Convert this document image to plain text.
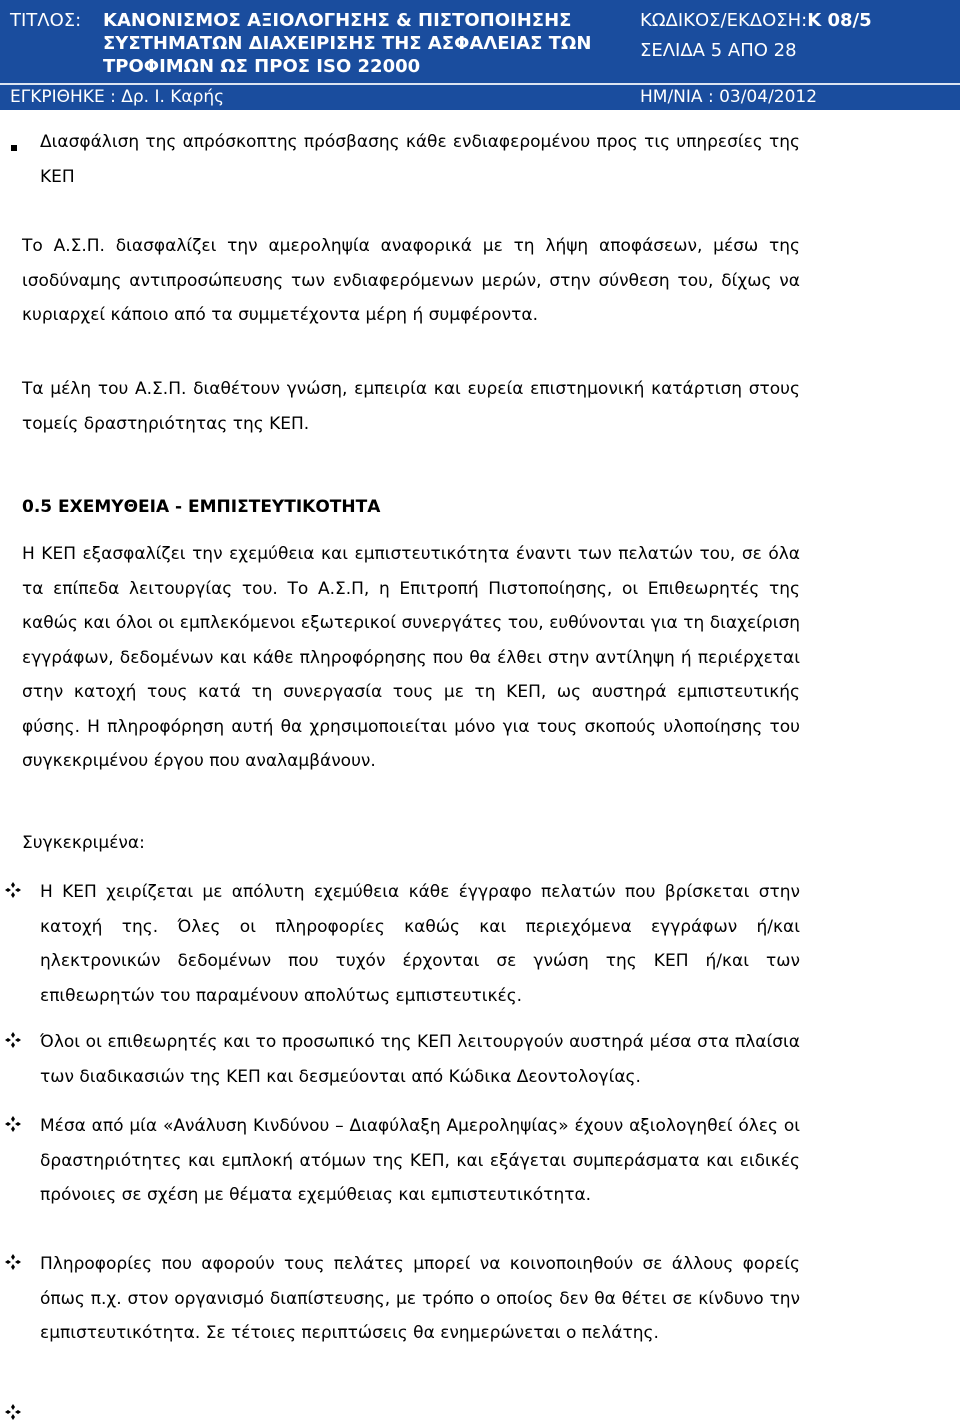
ΤΙΤΛΟΣ: ΚΑΝΟΝΙΣΜΟΣ ΑΞΙΟΛΟΓΗΣΗΣ & ΠΙΣΤΟΠΟΙΗΣΗΣ
ΣΥΣΤΗΜΑΤΩΝ ΔΙΑΧΕΙΡΙΣΗΣ ΤΗΣ ΑΣΦΑΛΕΙΑΣ ΤΩΝ
ΤΡΟΦΙΜΩΝ ΩΣ ΠΡΟΣ ISO 22000
ΚΩΔΙΚΟΣ/ΕΚΔΟΣΗ:Κ 08/5
ΣΕΛΙΔΑ 5 ΑΠΟ 28
ΕΓΚΡΙΘΗΚΕ : Δρ. Ι. Καρής	ΗΜ/ΝΙΑ : 03/04/2012
Διασφάλιση της απρόσκοπτης πρόσβασης κάθε ενδιαφερομένου προς τις υπηρεσίες της ΚΕΠ
Το Α.Σ.Π. διασφαλίζει την αμεροληψία αναφορικά με τη λήψη αποφάσεων, μέσω της ισοδύναμης αντιπροσώπευσης των ενδιαφερόμενων μερών, στην σύνθεση του, δίχως να κυριαρχεί κάποιο από τα συμμετέχοντα μέρη ή συμφέροντα.
Τα μέλη του Α.Σ.Π. διαθέτουν γνώση, εμπειρία και ευρεία επιστημονική κατάρτιση στους τομείς δραστηριότητας της ΚΕΠ.
0.5 ΕΧΕΜΥΘΕΙΑ - ΕΜΠΙΣΤΕΥΤΙΚΟΤΗΤΑ
Η ΚΕΠ εξασφαλίζει την εχεμύθεια και εμπιστευτικότητα έναντι των πελατών του, σε όλα τα επίπεδα λειτουργίας του. Το Α.Σ.Π, η Επιτροπή Πιστοποίησης, οι Επιθεωρητές της καθώς και όλοι οι εμπλεκόμενοι εξωτερικοί συνεργάτες του, ευθύνονται για τη διαχείριση εγγράφων, δεδομένων και κάθε πληροφόρησης που θα έλθει στην αντίληψη ή περιέρχεται στην κατοχή τους κατά τη συνεργασία τους με τη ΚΕΠ, ως αυστηρά εμπιστευτικής φύσης. Η πληροφόρηση αυτή θα χρησιμοποιείται μόνο για τους σκοπούς υλοποίησης του συγκεκριμένου έργου που αναλαμβάνουν.
Συγκεκριμένα:
Η ΚΕΠ χειρίζεται με απόλυτη εχεμύθεια κάθε έγγραφο πελατών που βρίσκεται στην κατοχή της. Όλες οι πληροφορίες καθώς και περιεχόμενα εγγράφων ή/και ηλεκτρονικών δεδομένων που τυχόν έρχονται σε γνώση της ΚΕΠ ή/και των επιθεωρητών του παραμένουν απολύτως εμπιστευτικές.
Όλοι οι επιθεωρητές και το προσωπικό της ΚΕΠ λειτουργούν αυστηρά μέσα στα πλαίσια των διαδικασιών της ΚΕΠ και δεσμεύονται από Κώδικα Δεοντολογίας.
Μέσα από μία «Ανάλυση Κινδύνου – Διαφύλαξη Αμεροληψίας» έχουν αξιολογηθεί όλες οι δραστηριότητες και εμπλοκή ατόμων της ΚΕΠ, και εξάγεται συμπεράσματα και ειδικές πρόνοιες σε σχέση με θέματα εχεμύθειας και εμπιστευτικότητα.
Πληροφορίες που αφορούν τους πελάτες μπορεί να κοινοποιηθούν σε άλλους φορείς όπως π.χ. στον οργανισμό διαπίστευσης, με τρόπο ο οποίος δεν θα θέτει σε κίνδυνο την εμπιστευτικότητα. Σε τέτοιες περιπτώσεις θα ενημερώνεται ο πελάτης.
